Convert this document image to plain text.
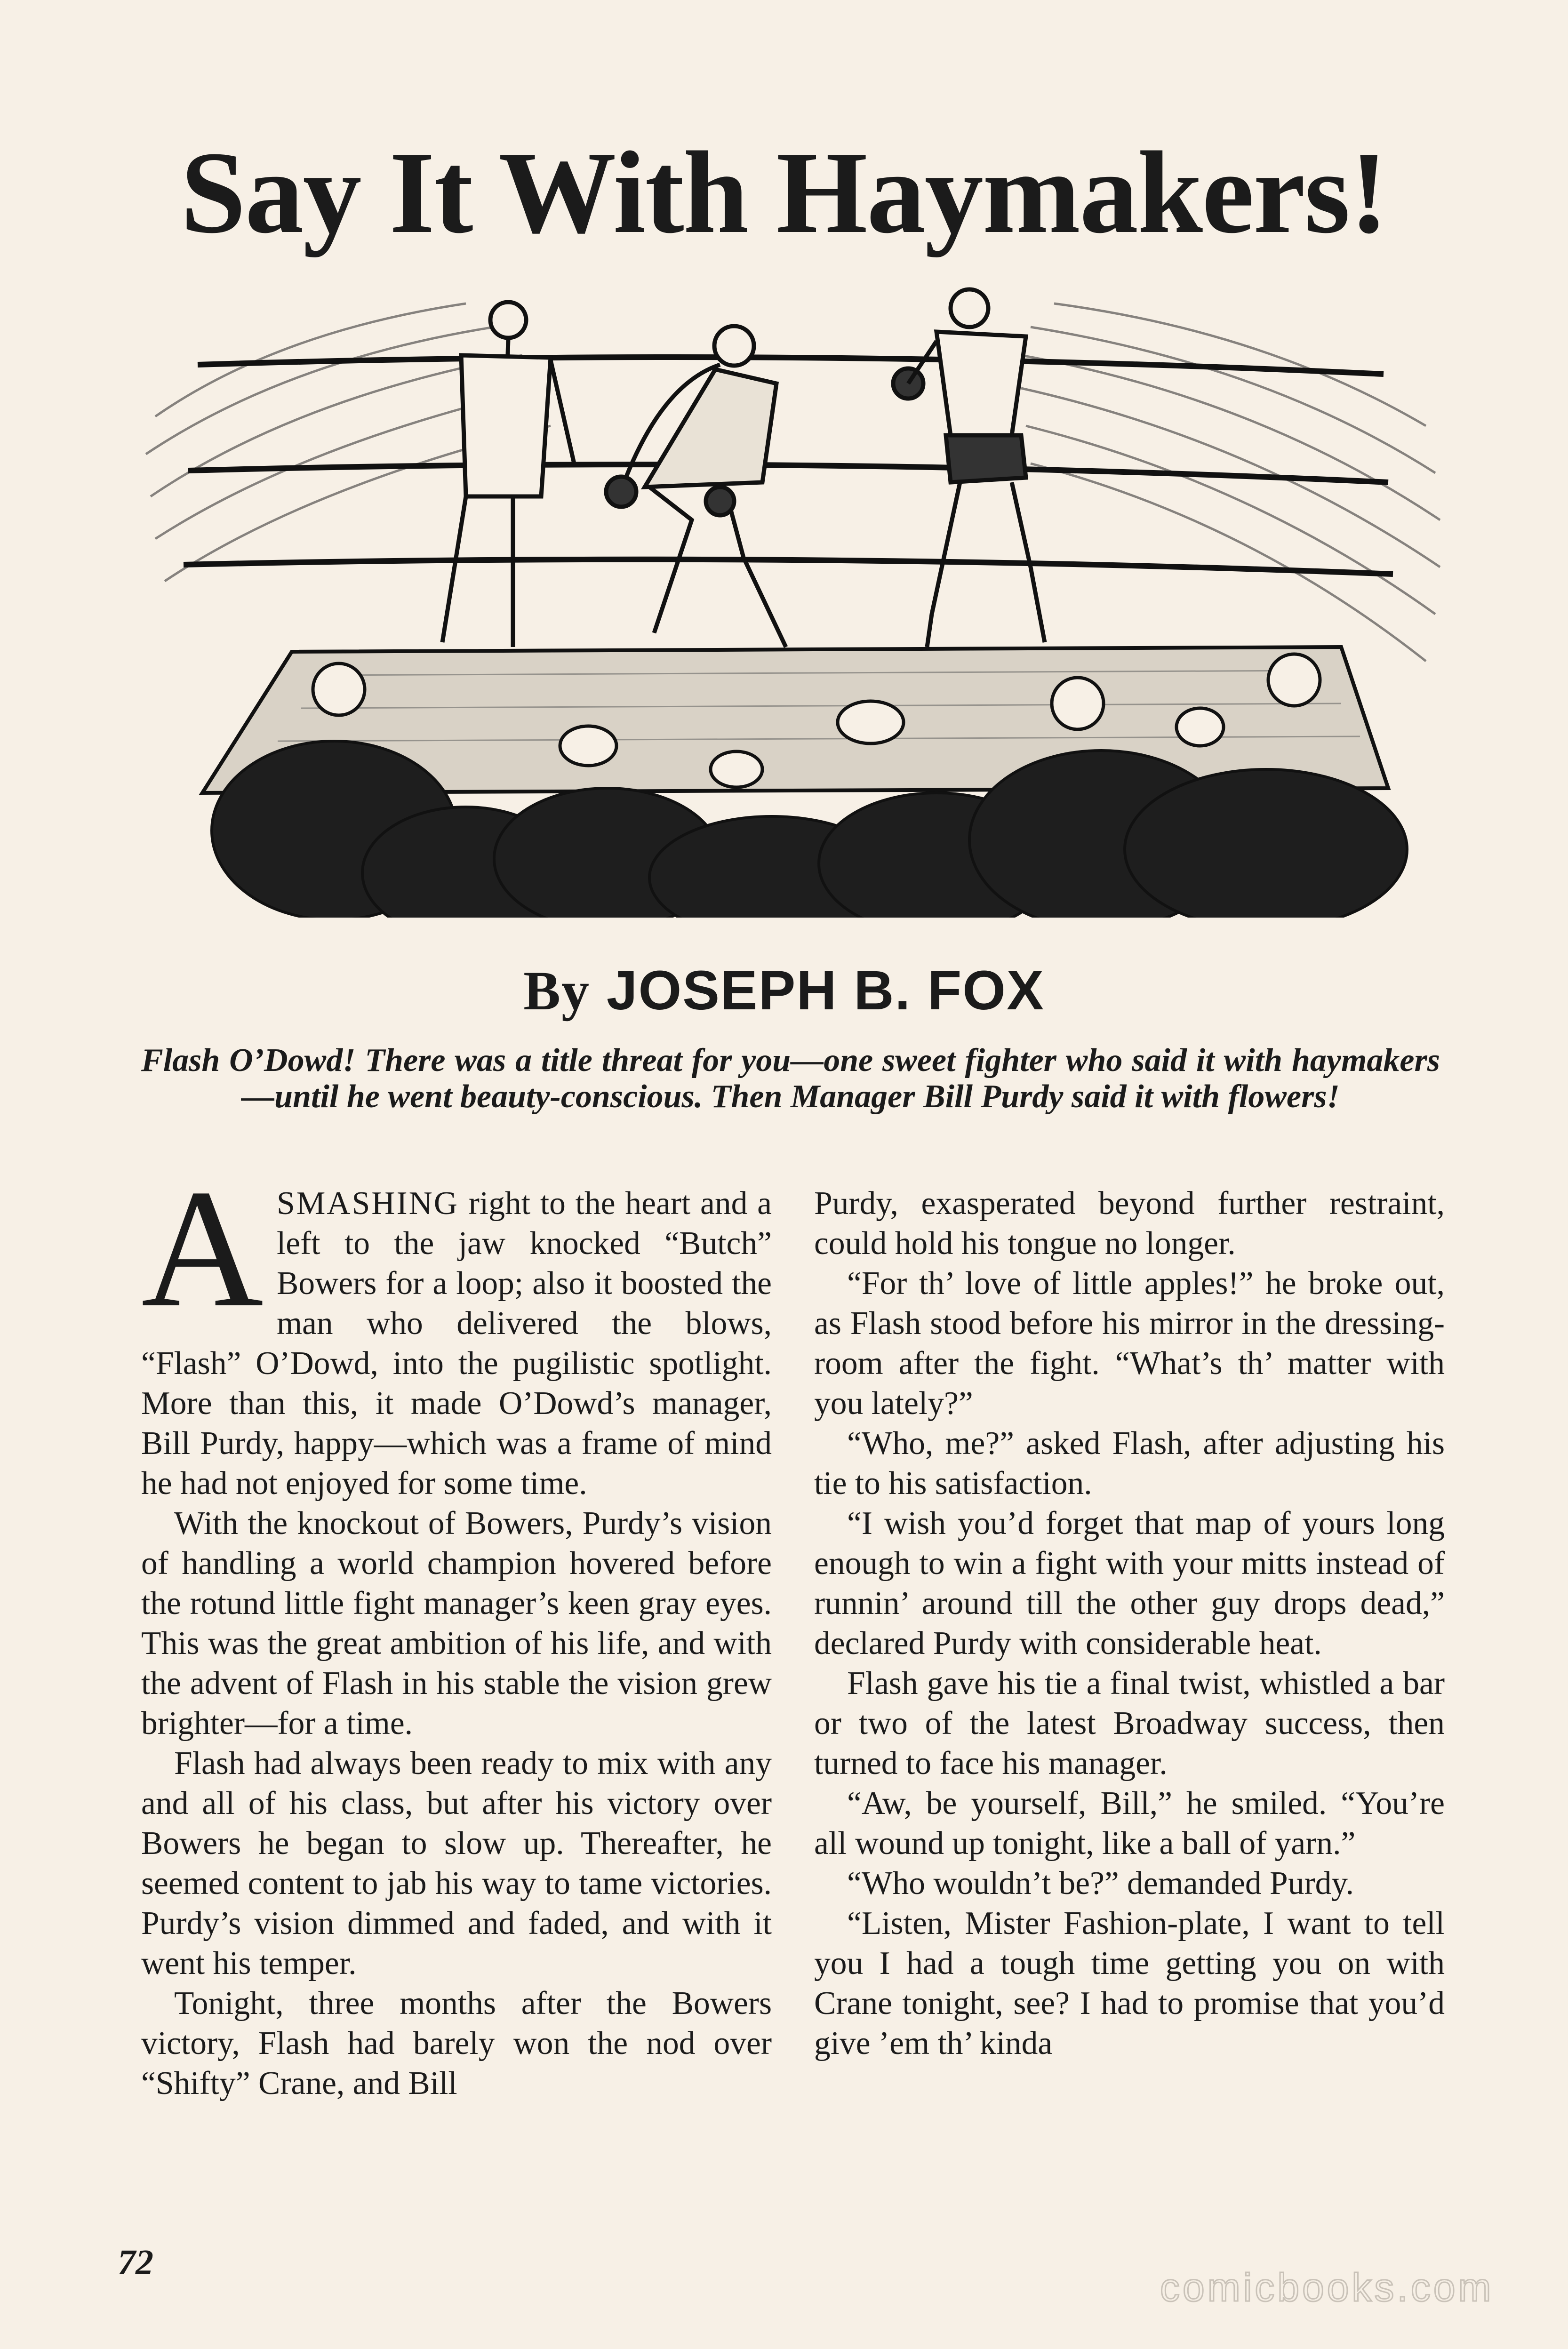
Say It With Haymakers!
By JOSEPH B. FOX

Flash O’Dowd! There was a title threat for you—one sweet fighter who said it with haymakers—until he went beauty-conscious. Then Manager Bill Purdy said it with flowers!

ASMASHING right to the heart and a left to the jaw knocked “Butch” Bowers for a loop; also it boosted the man who delivered the blows, “Flash” O’Dowd, into the pugilistic spotlight. More than this, it made O’Dowd’s manager, Bill Purdy, happy—which was a frame of mind he had not enjoyed for some time.

With the knockout of Bowers, Purdy’s vision of handling a world champion hovered before the rotund little fight manager’s keen gray eyes. This was the great ambition of his life, and with the advent of Flash in his stable the vision grew brighter—for a time.

Flash had always been ready to mix with any and all of his class, but after his victory over Bowers he began to slow up. Thereafter, he seemed content to jab his way to tame victories. Purdy’s vision dimmed and faded, and with it went his temper.

Tonight, three months after the Bowers victory, Flash had barely won the nod over “Shifty” Crane, and Bill

Purdy, exasperated beyond further restraint, could hold his tongue no longer.

“For th’ love of little apples!” he broke out, as Flash stood before his mirror in the dressing-room after the fight. “What’s th’ matter with you lately?”

“Who, me?” asked Flash, after adjusting his tie to his satisfaction.

“I wish you’d forget that map of yours long enough to win a fight with your mitts instead of runnin’ around till the other guy drops dead,” declared Purdy with considerable heat.

Flash gave his tie a final twist, whistled a bar or two of the latest Broadway success, then turned to face his manager.

“Aw, be yourself, Bill,” he smiled. “You’re all wound up tonight, like a ball of yarn.”

“Who wouldn’t be?” demanded Purdy.

“Listen, Mister Fashion-plate, I want to tell you I had a tough time getting you on with Crane tonight, see? I had to promise that you’d give ’em th’ kinda

72
comicbooks.com
